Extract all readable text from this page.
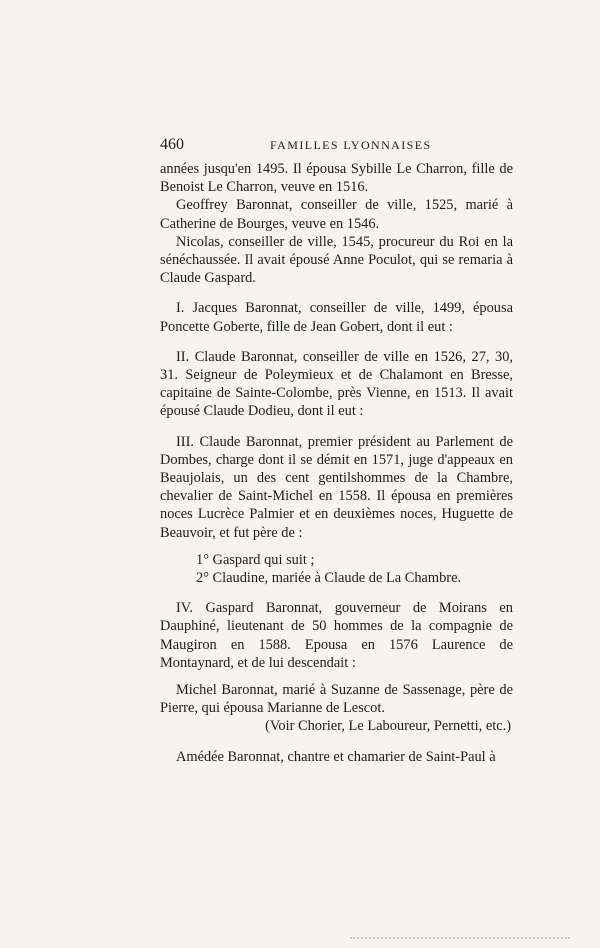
460	FAMILLES LYONNAISES

années jusqu'en 1495. Il épousa Sybille Le Charron, fille de Benoist Le Charron, veuve en 1516.

Geoffrey Baronnat, conseiller de ville, 1525, marié à Catherine de Bourges, veuve en 1546.

Nicolas, conseiller de ville, 1545, procureur du Roi en la sénéchaussée. Il avait épousé Anne Poculot, qui se remaria à Claude Gaspard.

I. Jacques Baronnat, conseiller de ville, 1499, épousa Poncette Goberte, fille de Jean Gobert, dont il eut :

II. Claude Baronnat, conseiller de ville en 1526, 27, 30, 31. Seigneur de Poleymieux et de Chalamont en Bresse, capitaine de Sainte-Colombe, près Vienne, en 1513. Il avait épousé Claude Dodieu, dont il eut :

III. Claude Baronnat, premier président au Parlement de Dombes, charge dont il se démit en 1571, juge d'appeaux en Beaujolais, un des cent gentilshommes de la Chambre, chevalier de Saint-Michel en 1558. Il épousa en premières noces Lucrèce Palmier et en deuxièmes noces, Huguette de Beauvoir, et fut père de :

1° Gaspard qui suit ;

2° Claudine, mariée à Claude de La Chambre.

IV. Gaspard Baronnat, gouverneur de Moirans en Dauphiné, lieutenant de 50 hommes de la compagnie de Maugiron en 1588. Epousa en 1576 Laurence de Montaynard, et de lui descendait :

Michel Baronnat, marié à Suzanne de Sassenage, père de Pierre, qui épousa Marianne de Lescot.

(Voir Chorier, Le Laboureur, Pernetti, etc.)

Amédée Baronnat, chantre et chamarier de Saint-Paul à
